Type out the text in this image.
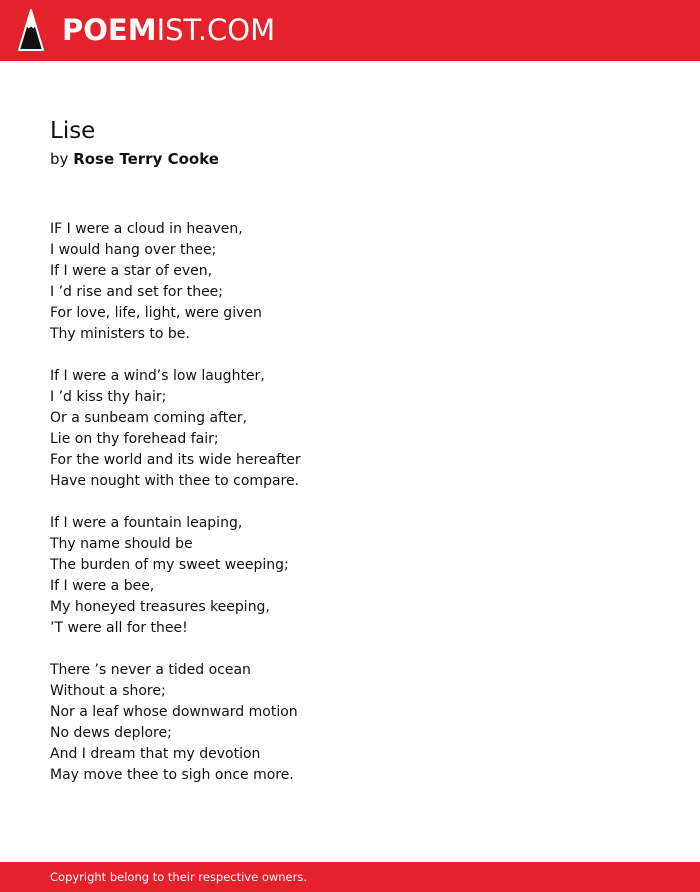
POEMIST.COM
Lise
by Rose Terry Cooke
IF I were a cloud in heaven,
I would hang over thee;
If I were a star of even,
I ’d rise and set for thee;
For love, life, light, were given
Thy ministers to be.
If I were a wind’s low laughter,
I ’d kiss thy hair;
Or a sunbeam coming after,
Lie on thy forehead fair;
For the world and its wide hereafter
Have nought with thee to compare.
If I were a fountain leaping,
Thy name should be
The burden of my sweet weeping;
If I were a bee,
My honeyed treasures keeping,
’T were all for thee!
There ’s never a tided ocean
Without a shore;
Nor a leaf whose downward motion
No dews deplore;
And I dream that my devotion
May move thee to sigh once more.
Copyright belong to their respective owners.
